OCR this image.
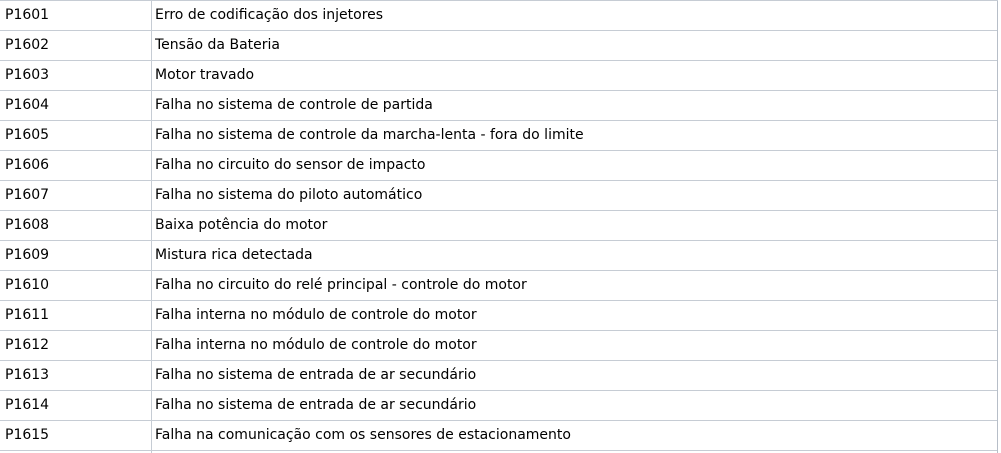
P1601	Erro de codificação dos injetores
P1602	Tensão da Bateria
P1603	Motor travado
P1604	Falha no sistema de controle de partida
P1605	Falha no sistema de controle da marcha-lenta - fora do limite
P1606	Falha no circuito do sensor de impacto
P1607	Falha no sistema do piloto automático
P1608	Baixa potência do motor
P1609	Mistura rica detectada
P1610	Falha no circuito do relé principal - controle do motor
P1611	Falha interna no módulo de controle do motor
P1612	Falha interna no módulo de controle do motor
P1613	Falha no sistema de entrada de ar secundário
P1614	Falha no sistema de entrada de ar secundário
P1615	Falha na comunicação com os sensores de estacionamento
